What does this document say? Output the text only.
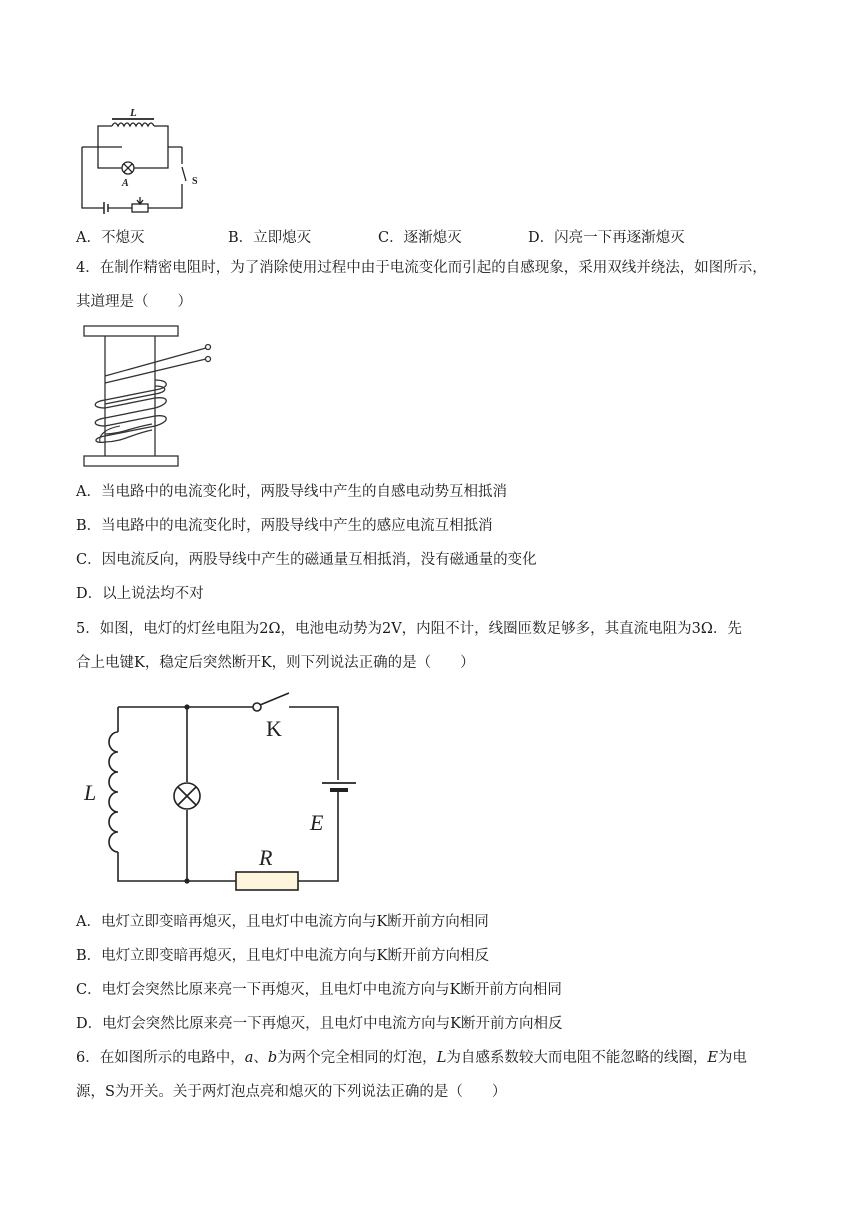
L
A	S
A．不熄灭	B．立即熄灭	C．逐渐熄灭	D．闪亮一下再逐渐熄灭
4．在制作精密电阻时，为了消除使用过程中由于电流变化而引起的自感现象，采用双线并绕法，如图所示，
其道理是（　　）
A．当电路中的电流变化时，两股导线中产生的自感电动势互相抵消
B．当电路中的电流变化时，两股导线中产生的感应电流互相抵消
C．因电流反向，两股导线中产生的磁通量互相抵消，没有磁通量的变化
D．以上说法均不对
5．如图，电灯的灯丝电阻为2Ω，电池电动势为2V，内阻不计，线圈匝数足够多，其直流电阻为3Ω．先
合上电键K，稳定后突然断开K，则下列说法正确的是（　　）
L
K
E
R
A．电灯立即变暗再熄灭，且电灯中电流方向与K断开前方向相同
B．电灯立即变暗再熄灭，且电灯中电流方向与K断开前方向相反
C．电灯会突然比原来亮一下再熄灭，且电灯中电流方向与K断开前方向相同
D．电灯会突然比原来亮一下再熄灭，且电灯中电流方向与K断开前方向相反
6．在如图所示的电路中，a、b为两个完全相同的灯泡，L为自感系数较大而电阻不能忽略的线圈，E为电
源，S为开关。关于两灯泡点亮和熄灭的下列说法正确的是（　　）
